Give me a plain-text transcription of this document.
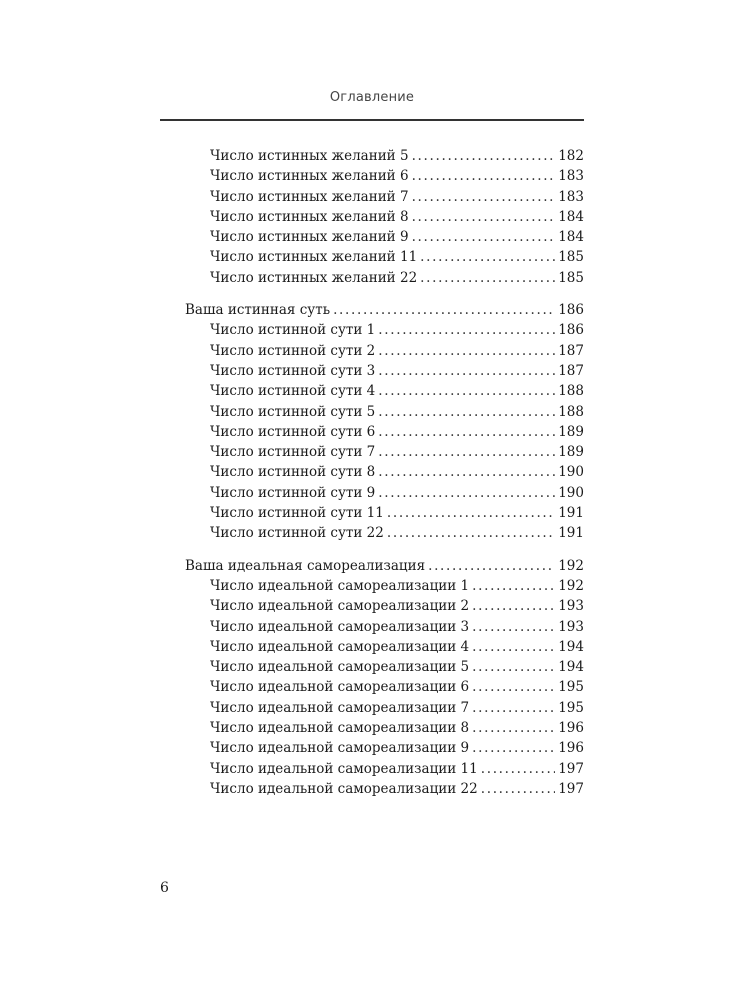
Оглавление
Число истинных желаний 5 . . .	182
Число истинных желаний 6 . . .	183
Число истинных желаний 7 . . .	183
Число истинных желаний 8 . . .	184
Число истинных желаний 9 . . .	184
Число истинных желаний 11 . . .	185
Число истинных желаний 22 . . .	185
Ваша истинная суть . . .	186
Число истинной сути 1 . . .	186
Число истинной сути 2 . . .	187
Число истинной сути 3 . . .	187
Число истинной сути 4 . . .	188
Число истинной сути 5 . . .	188
Число истинной сути 6 . . .	189
Число истинной сути 7 . . .	189
Число истинной сути 8 . . .	190
Число истинной сути 9 . . .	190
Число истинной сути 11 . . .	191
Число истинной сути 22 . . .	191
Ваша идеальная самореализация . . .	192
Число идеальной самореализации 1 . . .	192
Число идеальной самореализации 2 . . .	193
Число идеальной самореализации 3 . . .	193
Число идеальной самореализации 4 . . .	194
Число идеальной самореализации 5 . . .	194
Число идеальной самореализации 6 . . .	195
Число идеальной самореализации 7 . . .	195
Число идеальной самореализации 8 . . .	196
Число идеальной самореализации 9 . . .	196
Число идеальной самореализации 11 . . .	197
Число идеальной самореализации 22 . . .	197
6
